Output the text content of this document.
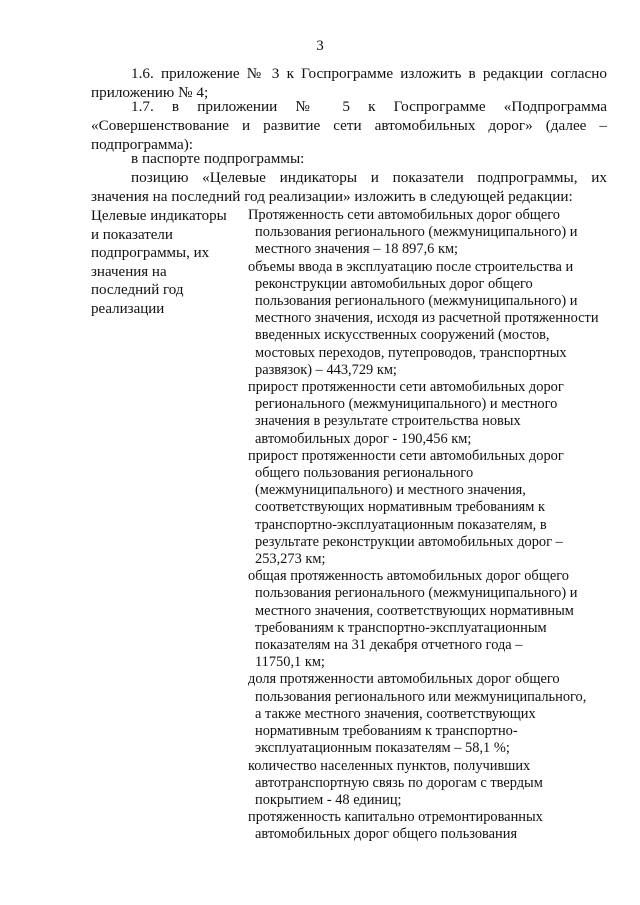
3

1.6. приложение № 3 к Госпрограмме изложить в редакции согласно приложению № 4;

1.7. в приложении № 5 к Госпрограмме «Подпрограмма «Совершенствование и развитие сети автомобильных дорог» (далее – подпрограмма):

в паспорте подпрограммы:

позицию «Целевые индикаторы и показатели подпрограммы, их значения на последний год реализации» изложить в следующей редакции:

Целевые индикаторы
и показатели
подпрограммы, их
значения на
последний год
реализации
Протяженность сети автомобильных дорог общего
пользования регионального (межмуниципального) и
местного значения – 18 897,6 км;
объемы ввода в эксплуатацию после строительства и
реконструкции автомобильных дорог общего
пользования регионального (межмуниципального) и
местного значения, исходя из расчетной протяженности
введенных искусственных сооружений (мостов,
мостовых переходов, путепроводов, транспортных
развязок) – 443,729 км;
прирост протяженности сети автомобильных дорог
регионального (межмуниципального) и местного
значения в результате строительства новых
автомобильных дорог - 190,456 км;
прирост протяженности сети автомобильных дорог
общего пользования регионального
(межмуниципального) и местного значения,
соответствующих нормативным требованиям к
транспортно-эксплуатационным показателям, в
результате реконструкции автомобильных дорог –
253,273 км;
общая протяженность автомобильных дорог общего
пользования регионального (межмуниципального) и
местного значения, соответствующих нормативным
требованиям к транспортно-эксплуатационным
показателям на 31 декабря отчетного года –
11750,1 км;
доля протяженности автомобильных дорог общего
пользования регионального или межмуниципального,
а также местного значения, соответствующих
нормативным требованиям к транспортно-
эксплуатационным показателям – 58,1 %;
количество населенных пунктов, получивших
автотранспортную связь по дорогам с твердым
покрытием - 48 единиц;
протяженность капитально отремонтированных
автомобильных дорог общего пользования
